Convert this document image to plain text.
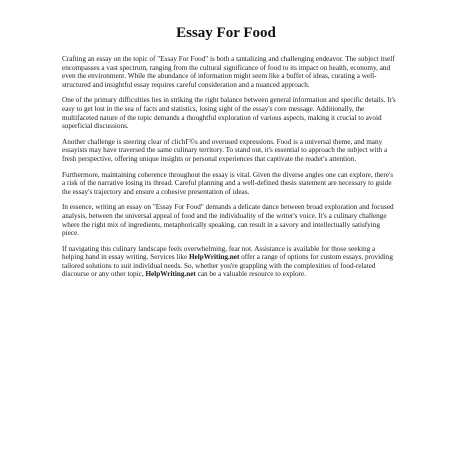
Essay For Food

Crafting an essay on the topic of "Essay For Food" is both a tantalizing and challenging endeavor. The subject itself encompasses a vast spectrum, ranging from the cultural significance of food to its impact on health, economy, and even the environment. While the abundance of information might seem like a buffet of ideas, curating a well-structured and insightful essay requires careful consideration and a nuanced approach.

One of the primary difficulties lies in striking the right balance between general information and specific details. It's easy to get lost in the sea of facts and statistics, losing sight of the essay's core message. Additionally, the multifaceted nature of the topic demands a thoughtful exploration of various aspects, making it crucial to avoid superficial discussions.

Another challenge is steering clear of clichГ©s and overused expressions. Food is a universal theme, and many essayists may have traversed the same culinary territory. To stand out, it's essential to approach the subject with a fresh perspective, offering unique insights or personal experiences that captivate the reader's attention.

Furthermore, maintaining coherence throughout the essay is vital. Given the diverse angles one can explore, there's a risk of the narrative losing its thread. Careful planning and a well-defined thesis statement are necessary to guide the essay's trajectory and ensure a cohesive presentation of ideas.

In essence, writing an essay on "Essay For Food" demands a delicate dance between broad exploration and focused analysis, between the universal appeal of food and the individuality of the writer's voice. It's a culinary challenge where the right mix of ingredients, metaphorically speaking, can result in a savory and intellectually satisfying piece.

If navigating this culinary landscape feels overwhelming, fear not. Assistance is available for those seeking a helping hand in essay writing. Services like HelpWriting.net offer a range of options for custom essays, providing tailored solutions to suit individual needs. So, whether you're grappling with the complexities of food-related discourse or any other topic, HelpWriting.net can be a valuable resource to explore.
